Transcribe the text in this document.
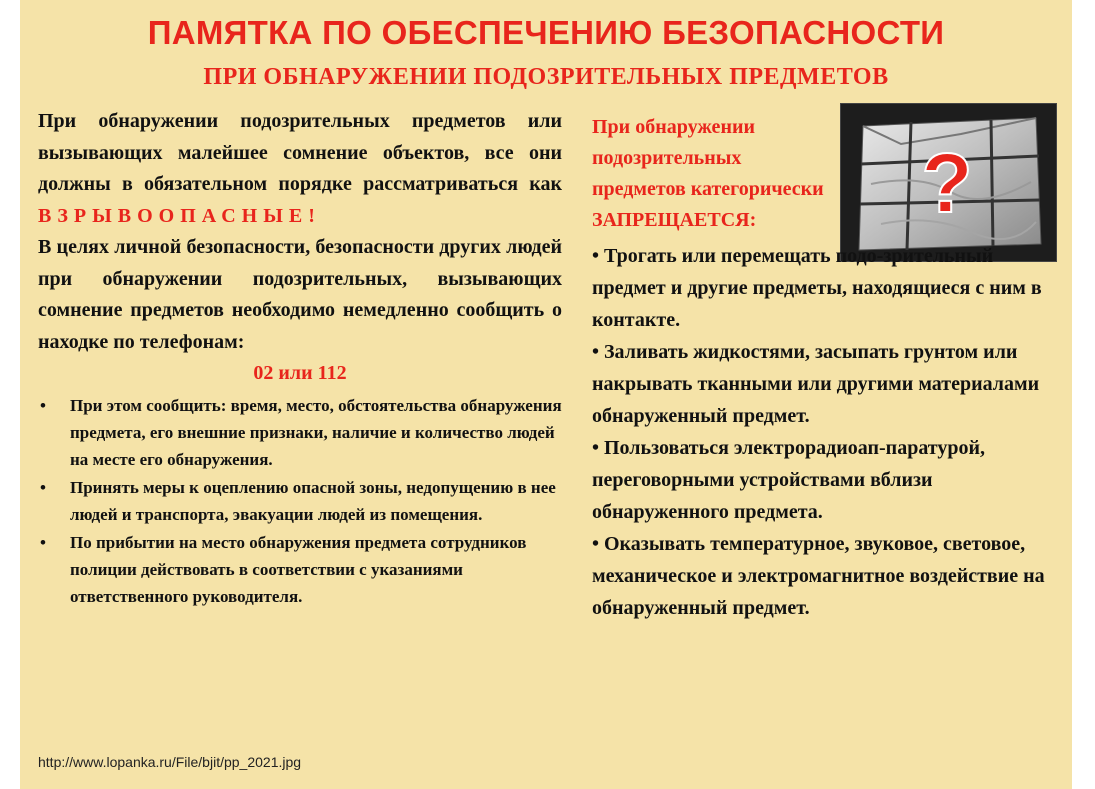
ПАМЯТКА ПО ОБЕСПЕЧЕНИЮ БЕЗОПАСНОСТИ
ПРИ ОБНАРУЖЕНИИ ПОДОЗРИТЕЛЬНЫХ ПРЕДМЕТОВ
При обнаружении подозрительных предметов или вызывающих малейшее сомнение объектов, все они должны в обязательном порядке рассматриваться как ВЗРЫВООПАСНЫЕ!
В целях личной безопасности, безопасности других людей при обнаружении подозрительных, вызывающих сомнение предметов необходимо немедленно сообщить о находке по телефонам:
02 или 112
• При этом сообщить: время, место, обстоятельства обнаружения предмета, его внешние признаки, наличие и количество людей на месте его обнаружения.
• Принять меры к оцеплению опасной зоны, недопущению в нее людей и транспорта, эвакуации людей из помещения.
• По прибытии на место обнаружения предмета сотрудников полиции действовать в соответствии с указаниями ответственного руководителя.
?
При обнаружении подозрительных предметов категорически
ЗАПРЕЩАЕТСЯ:
• Трогать или перемещать подо-зрительный предмет и другие предметы, находящиеся с ним в контакте.
• Заливать жидкостями, засыпать грунтом или накрывать тканными или другими материалами обнаруженный предмет.
• Пользоваться электрорадиоап-паратурой, переговорными устройствами вблизи обнаруженного предмета.
• Оказывать температурное, звуковое, световое, механическое и электромагнитное воздействие на обнаруженный предмет.
http://www.lopanka.ru/File/bjit/pp_2021.jpg
